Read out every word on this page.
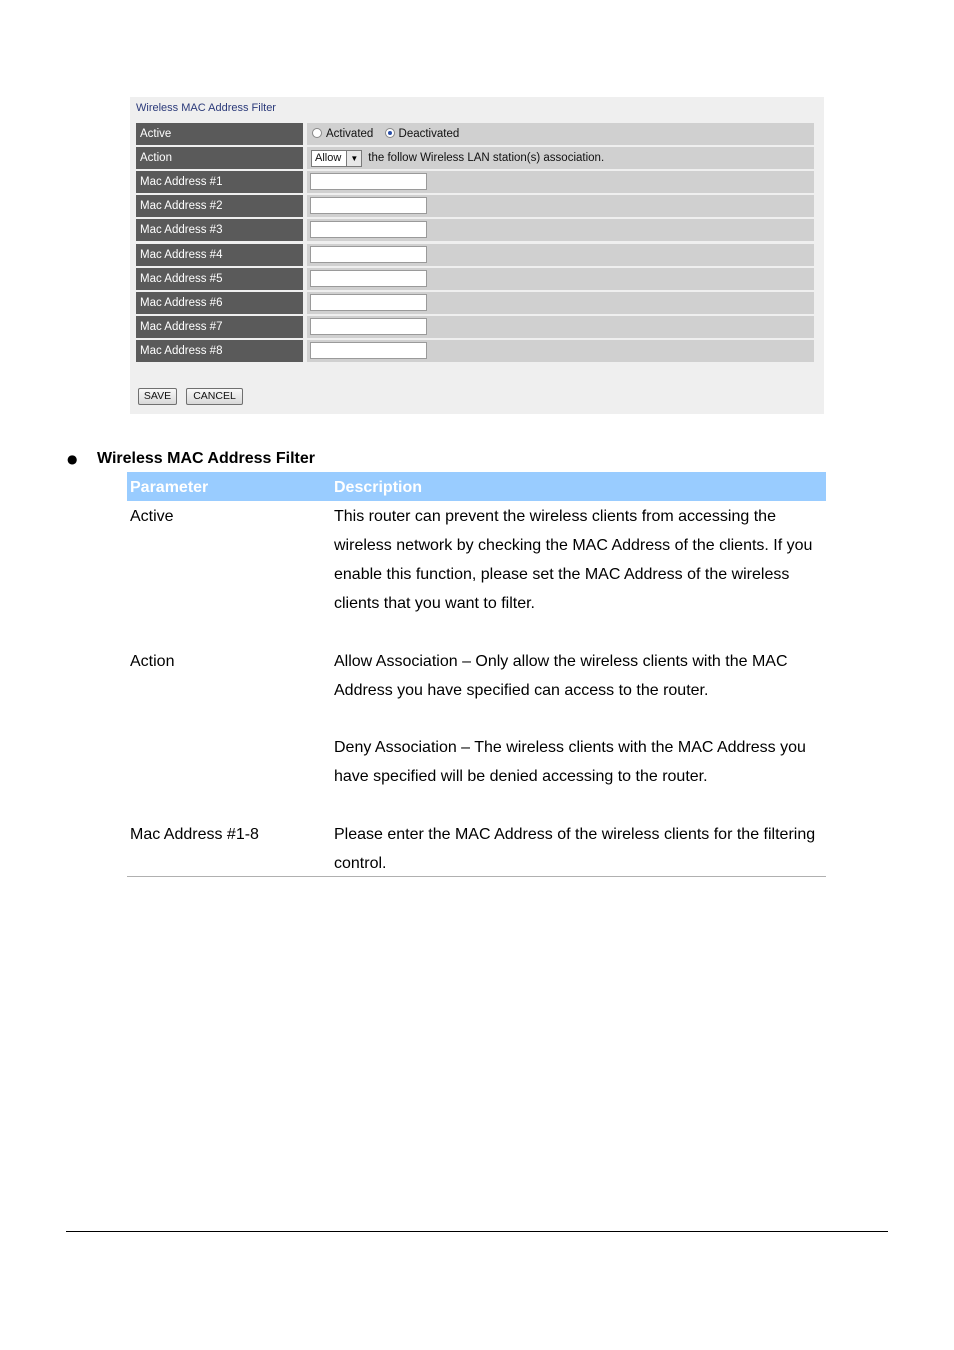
Wireless MAC Address Filter
Active	Activated Deactivated
Action	Allow	▼ the follow Wireless LAN station(s) association.
Mac Address #1
Mac Address #2
Mac Address #3
Mac Address #4
Mac Address #5
Mac Address #6
Mac Address #7
Mac Address #8
SAVE	CANCEL
● Wireless MAC Address Filter
Parameter	Description
Active	This router can prevent the wireless clients from accessing the wireless network by checking the MAC Address of the clients. If you enable this function, please set the MAC Address of the wireless clients that you want to filter.
Action	Allow Association – Only allow the wireless clients with the MAC Address you have specified can access to the router.
Deny Association – The wireless clients with the MAC Address you have specified will be denied accessing to the router.
Mac Address #1-8	Please enter the MAC Address of the wireless clients for the filtering control.
